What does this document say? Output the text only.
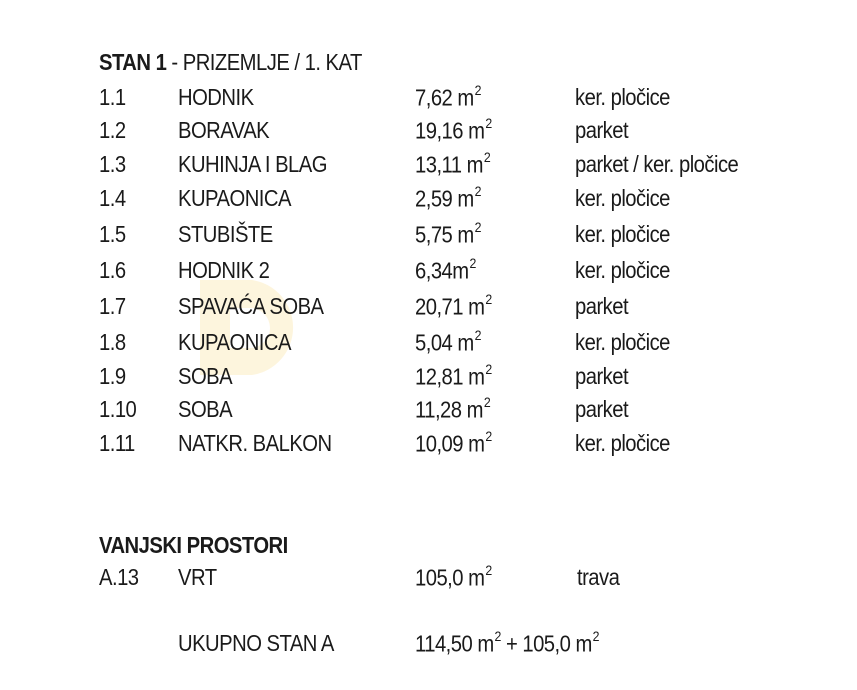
STAN 1 - PRIZEMLJE / 1. KAT
1.1 HODNIK	7,62 $m^2$	ker. pločice
1.2 BORAVAK	19,16 $m^2$	parket
1.3 KUHINJA I BLAG	13,11 $m^2$	parket / ker. pločice
1.4 KUPAONICA	2,59 $m^2$	ker. pločice
1.5 STUBIŠTE	5,75 $m^2$	ker. pločice
1.6 HODNIK 2	$6,34m^2$	ker. pločice
1.7 SPAVAĆA SOBA	20,71 $m^2$	parket
1.8 KUPAONICA	5,04 $m^2$	ker. pločice
1.9 SOBA	12,81 $m^2$	parket
1.10 SOBA	11,28 $m^2$	parket
1.11 NATKR. BALKON	10,09 $m^2$	ker. pločice
VANJSKI PROSTORI
A.13 VRT	105,0 $m^2$	trava
UKUPNO STAN A	114,50 $m^2 + 105,0$ $m^2$
